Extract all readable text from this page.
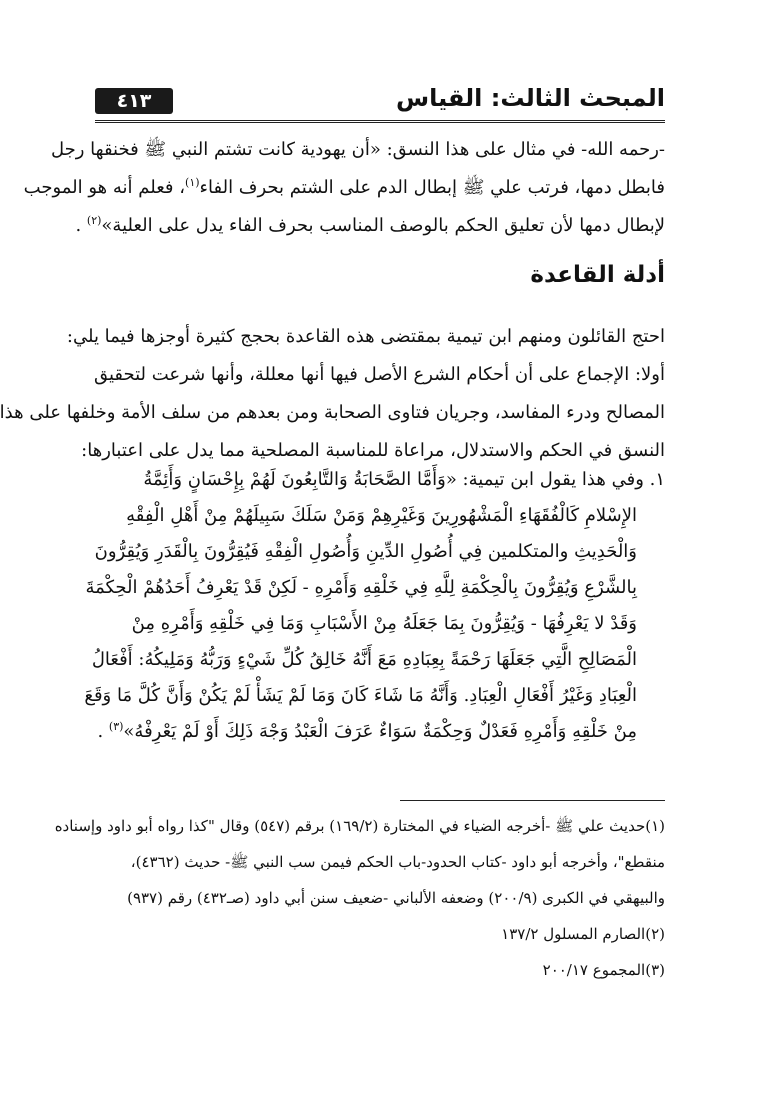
المبحث الثالث: القياس
٤١٣
-رحمه الله- في مثال على هذا النسق: «أن يهودية كانت تشتم النبي ﷺ فخنقها رجل
فابطل دمها، فرتب علي ﷺ إبطال الدم على الشتم بحرف الفاء$^{(١)}$، فعلم أنه هو الموجب
لإبطال دمها لأن تعليق الحكم بالوصف المناسب بحرف الفاء يدل على العلية»$^{(٢)}$ .
أدلة القاعدة
احتج القائلون ومنهم ابن تيمية بمقتضى هذه القاعدة بحجج كثيرة أوجزها فيما يلي:
أولا: الإجماع على أن أحكام الشرع الأصل فيها أنها معللة، وأنها شرعت لتحقيق
المصالح ودرء المفاسد، وجريان فتاوى الصحابة ومن بعدهم من سلف الأمة وخلفها على هذا
النسق في الحكم والاستدلال، مراعاة للمناسبة المصلحية مما يدل على اعتبارها:
١. وفي هذا يقول ابن تيمية: «وَأَمَّا الصَّحَابَةُ وَالتَّابِعُونَ لَهُمْ بِإِحْسَانٍ وَأَئِمَّةُ
الإِسْلامِ كَالْفُقَهَاءِ الْمَشْهُورِينَ وَغَيْرِهِمْ وَمَنْ سَلَكَ سَبِيلَهُمْ مِنْ أَهْلِ الْفِقْهِ
وَالْحَدِيثِ والمتكلمين فِي أُصُولِ الدِّينِ وَأُصُولِ الْفِقْهِ فَيُقِرُّونَ بِالْقَدَرِ وَيُقِرُّونَ
بِالشَّرْعِ وَيُقِرُّونَ بِالْحِكْمَةِ لِلَّهِ فِي خَلْقِهِ وَأَمْرِهِ - لَكِنْ قَدْ يَعْرِفُ أَحَدُهُمْ الْحِكْمَةَ
وَقَدْ لا يَعْرِفُهَا - وَيُقِرُّونَ بِمَا جَعَلَهُ مِنْ الأَسْبَابِ وَمَا فِي خَلْقِهِ وَأَمْرِهِ مِنْ
الْمَصَالِحِ الَّتِي جَعَلَهَا رَحْمَةً بِعِبَادِهِ مَعَ أَنَّهُ خَالِقُ كُلِّ شَيْءٍ وَرَبُّهُ وَمَلِيكُهُ: أَفْعَالُ
الْعِبَادِ وَغَيْرُ أَفْعَالِ الْعِبَادِ. وَأَنَّهُ مَا شَاءَ كَانَ وَمَا لَمْ يَشَأْ لَمْ يَكُنْ وَأَنَّ كُلَّ مَا وَقَعَ
مِنْ خَلْقِهِ وَأَمْرِهِ فَعَدْلٌ وَحِكْمَةٌ سَوَاءٌ عَرَفَ الْعَبْدُ وَجْهَ ذَلِكَ أَوْ لَمْ يَعْرِفْهُ»$^{(٣)}$ .
(١)حديث علي ﷺ -أخرجه الضياء في المختارة (١٦٩/٢) برقم (٥٤٧) وقال "كذا رواه أبو داود وإسناده
منقطع"، وأخرجه أبو داود -كتاب الحدود-باب الحكم فيمن سب النبي ﷺ- حديث (٤٣٦٢)،
والبيهقي في الكبرى (٢٠٠/٩) وضعفه الألباني -ضعيف سنن أبي داود (صـ٤٣٢) رقم (٩٣٧)
(٢)الصارم المسلول ١٣٧/٢
(٣)المجموع ٢٠٠/١٧
